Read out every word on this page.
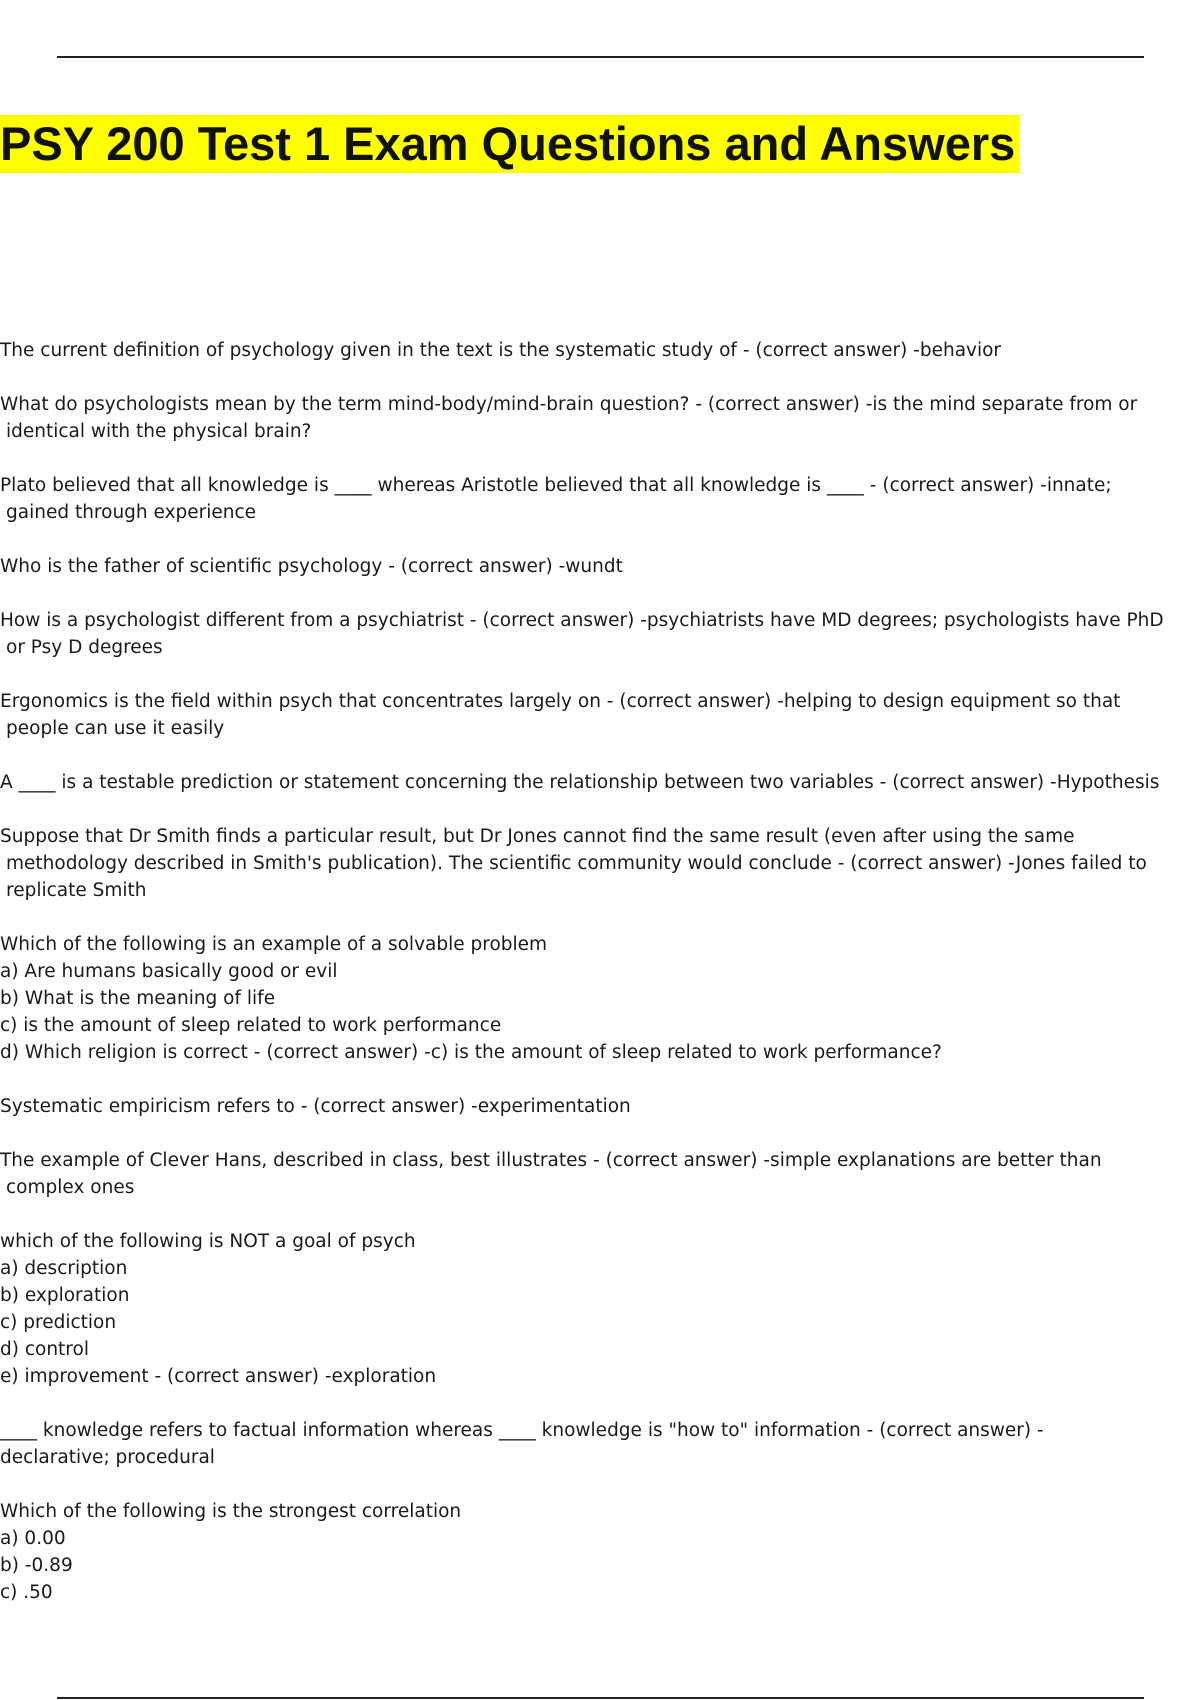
PSY 200 Test 1 Exam Questions and Answers

The current definition of psychology given in the text is the systematic study of - (correct answer) -behavior

What do psychologists mean by the term mind-body/mind-brain question? - (correct answer) -is the mind separate from or

identical with the physical brain?

Plato believed that all knowledge is ____ whereas Aristotle believed that all knowledge is ____ - (correct answer) -innate;

gained through experience

Who is the father of scientific psychology - (correct answer) -wundt

How is a psychologist different from a psychiatrist - (correct answer) -psychiatrists have MD degrees; psychologists have PhD

or Psy D degrees

Ergonomics is the field within psych that concentrates largely on - (correct answer) -helping to design equipment so that

people can use it easily

A ____ is a testable prediction or statement concerning the relationship between two variables - (correct answer) -Hypothesis

Suppose that Dr Smith finds a particular result, but Dr Jones cannot find the same result (even after using the same

methodology described in Smith's publication). The scientific community would conclude - (correct answer) -Jones failed to

replicate Smith

Which of the following is an example of a solvable problem

a) Are humans basically good or evil

b) What is the meaning of life

c) is the amount of sleep related to work performance

d) Which religion is correct - (correct answer) -c) is the amount of sleep related to work performance?

Systematic empiricism refers to - (correct answer) -experimentation

The example of Clever Hans, described in class, best illustrates - (correct answer) -simple explanations are better than

complex ones

which of the following is NOT a goal of psych

a) description

b) exploration

c) prediction

d) control

e) improvement - (correct answer) -exploration

____ knowledge refers to factual information whereas ____ knowledge is "how to" information - (correct answer) -

declarative; procedural

Which of the following is the strongest correlation

a) 0.00

b) -0.89

c) .50
